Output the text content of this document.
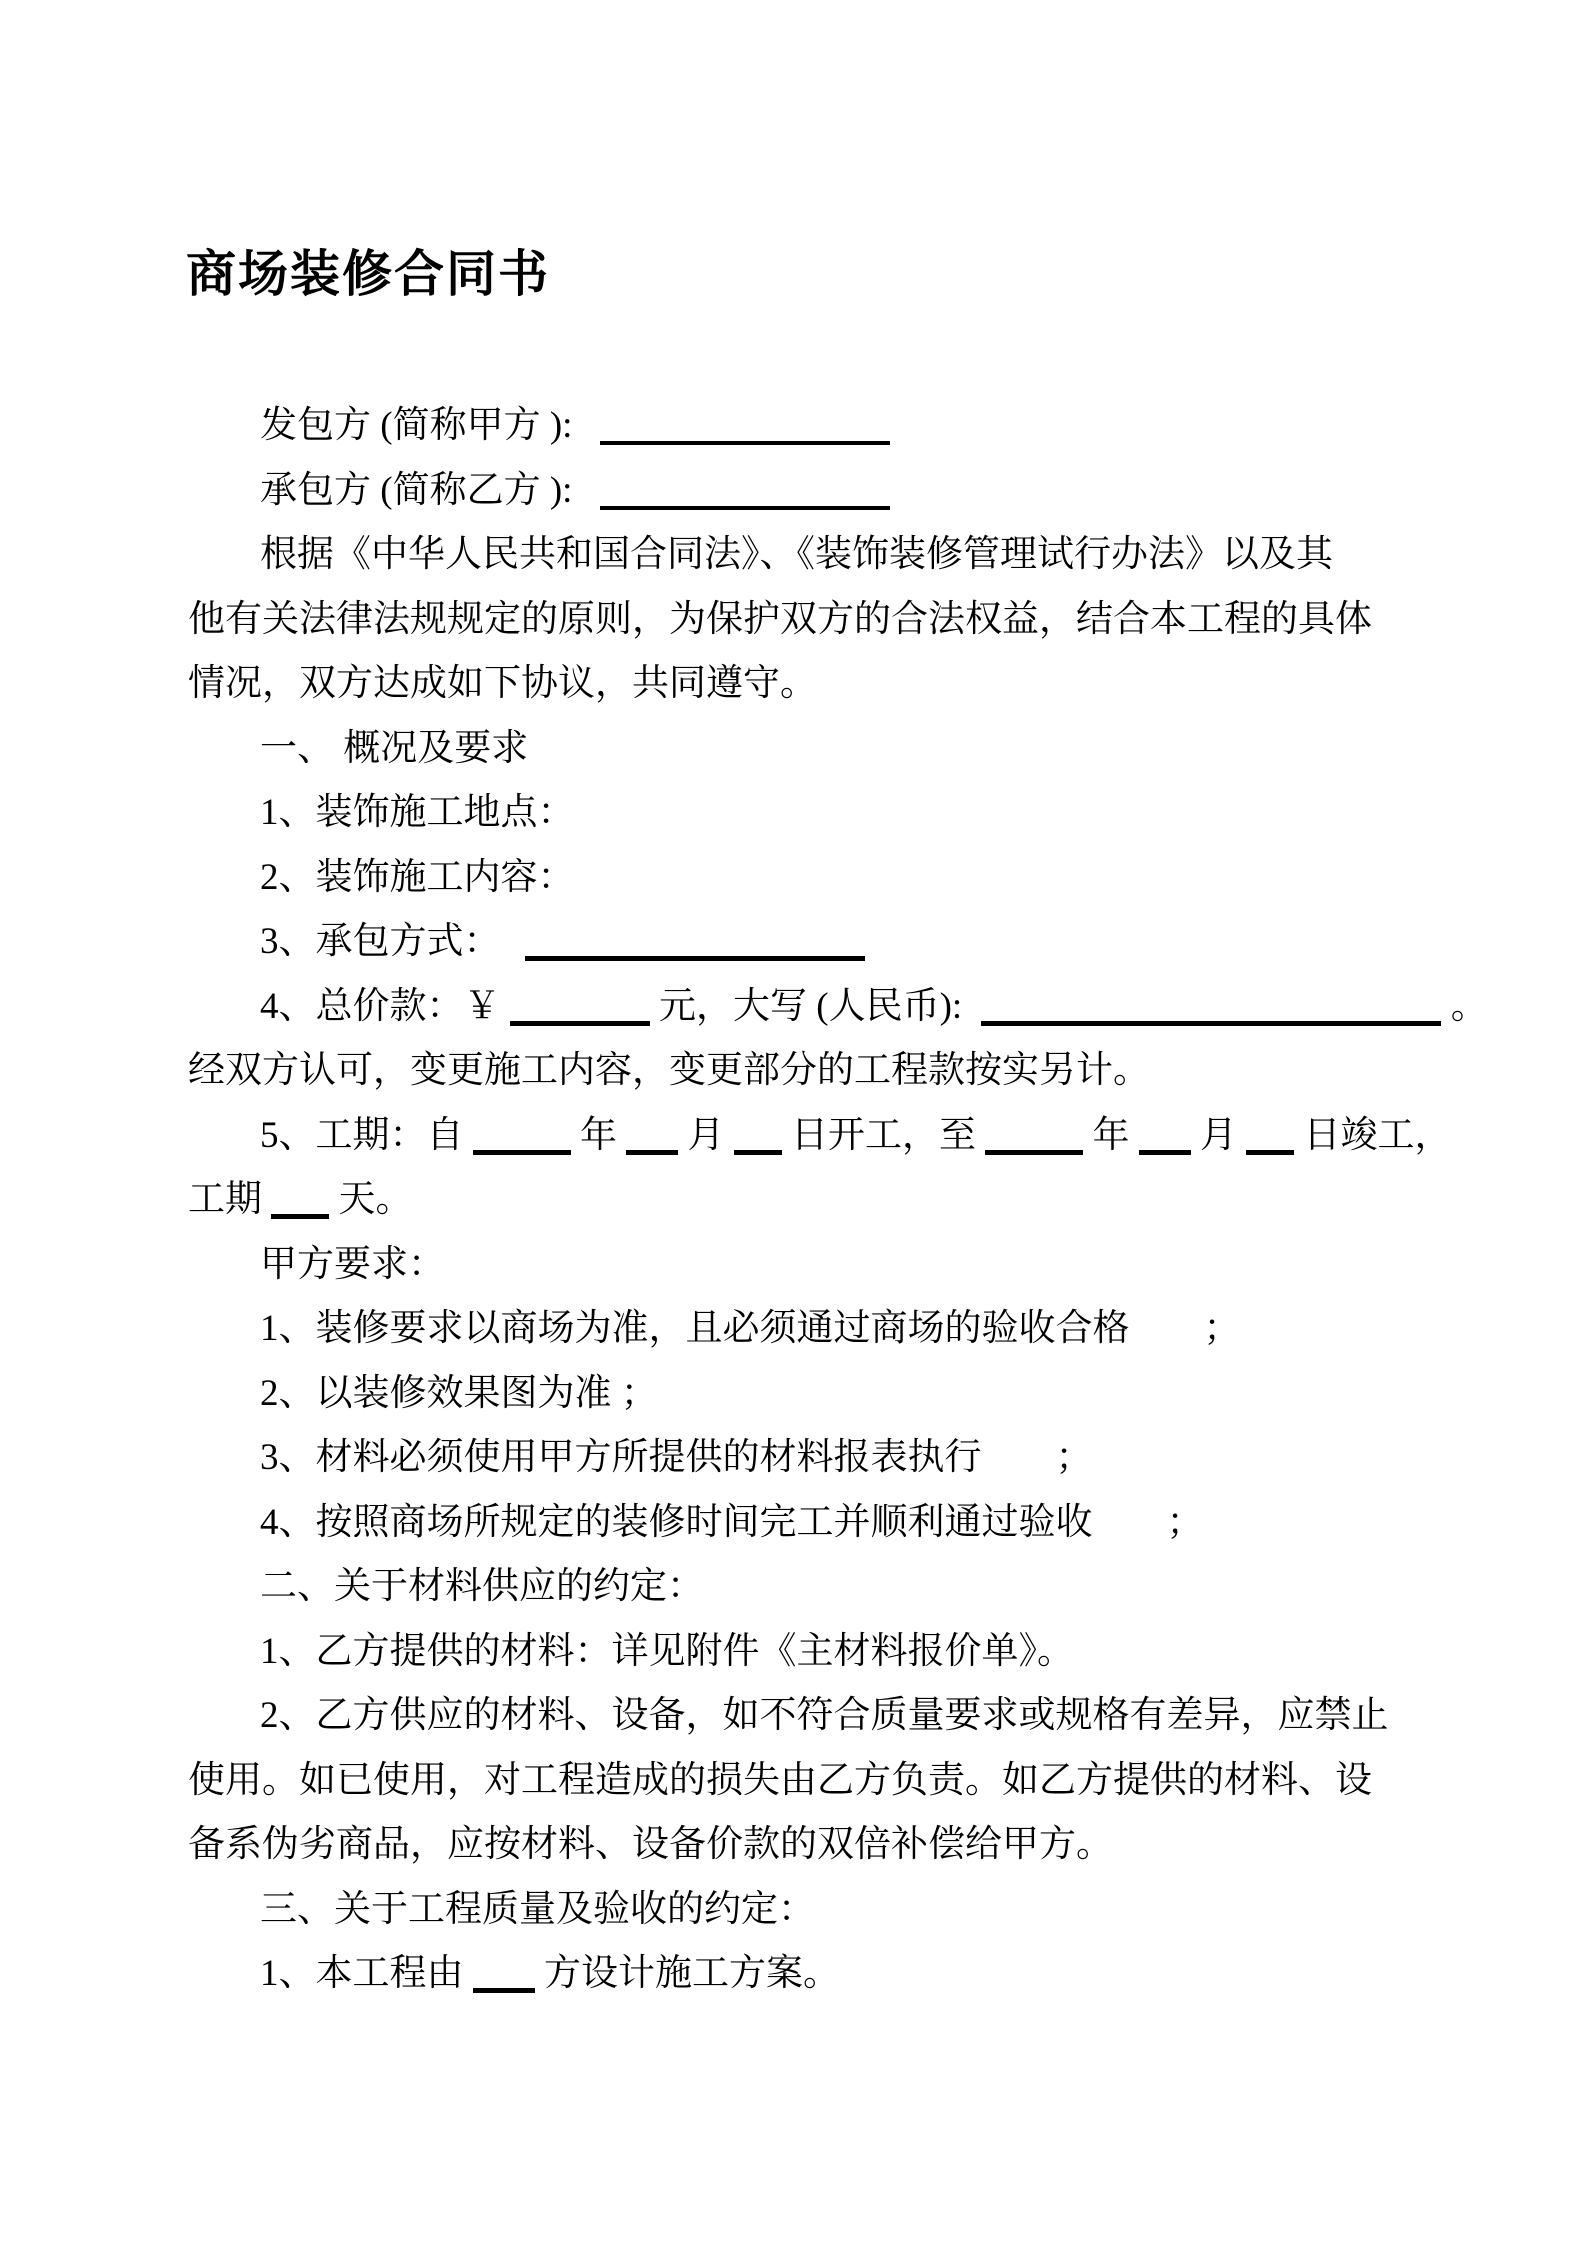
商场装修合同书
发包方 (简称甲方 ):
承包方 (简称乙方 ):
根据《中华人民共和国合同法》、《装饰装修管理试行办法》以及其
他有关法律法规规定的原则，为保护双方的合法权益，结合本工程的具体
情况，双方达成如下协议，共同遵守。
一、 概况及要求
1、装饰施工地点：
2、装饰施工内容：
3、承包方式：
4、总价款：￥	元，大写 (人民币):	。
经双方认可，变更施工内容，变更部分的工程款按实另计。
5、工期：自	年 月 日开工，至	年 月 日竣工，
工期 天。
甲方要求：
1、装修要求以商场为准，且必须通过商场的验收合格　　；
2、以装修效果图为准 ；
3、材料必须使用甲方所提供的材料报表执行　　；
4、按照商场所规定的装修时间完工并顺利通过验收　　；
二、关于材料供应的约定：
1、乙方提供的材料：详见附件《主材料报价单》。
2、乙方供应的材料、设备，如不符合质量要求或规格有差异，应禁止
使用。如已使用，对工程造成的损失由乙方负责。如乙方提供的材料、设
备系伪劣商品，应按材料、设备价款的双倍补偿给甲方。
三、关于工程质量及验收的约定：
1、本工程由 方设计施工方案。
